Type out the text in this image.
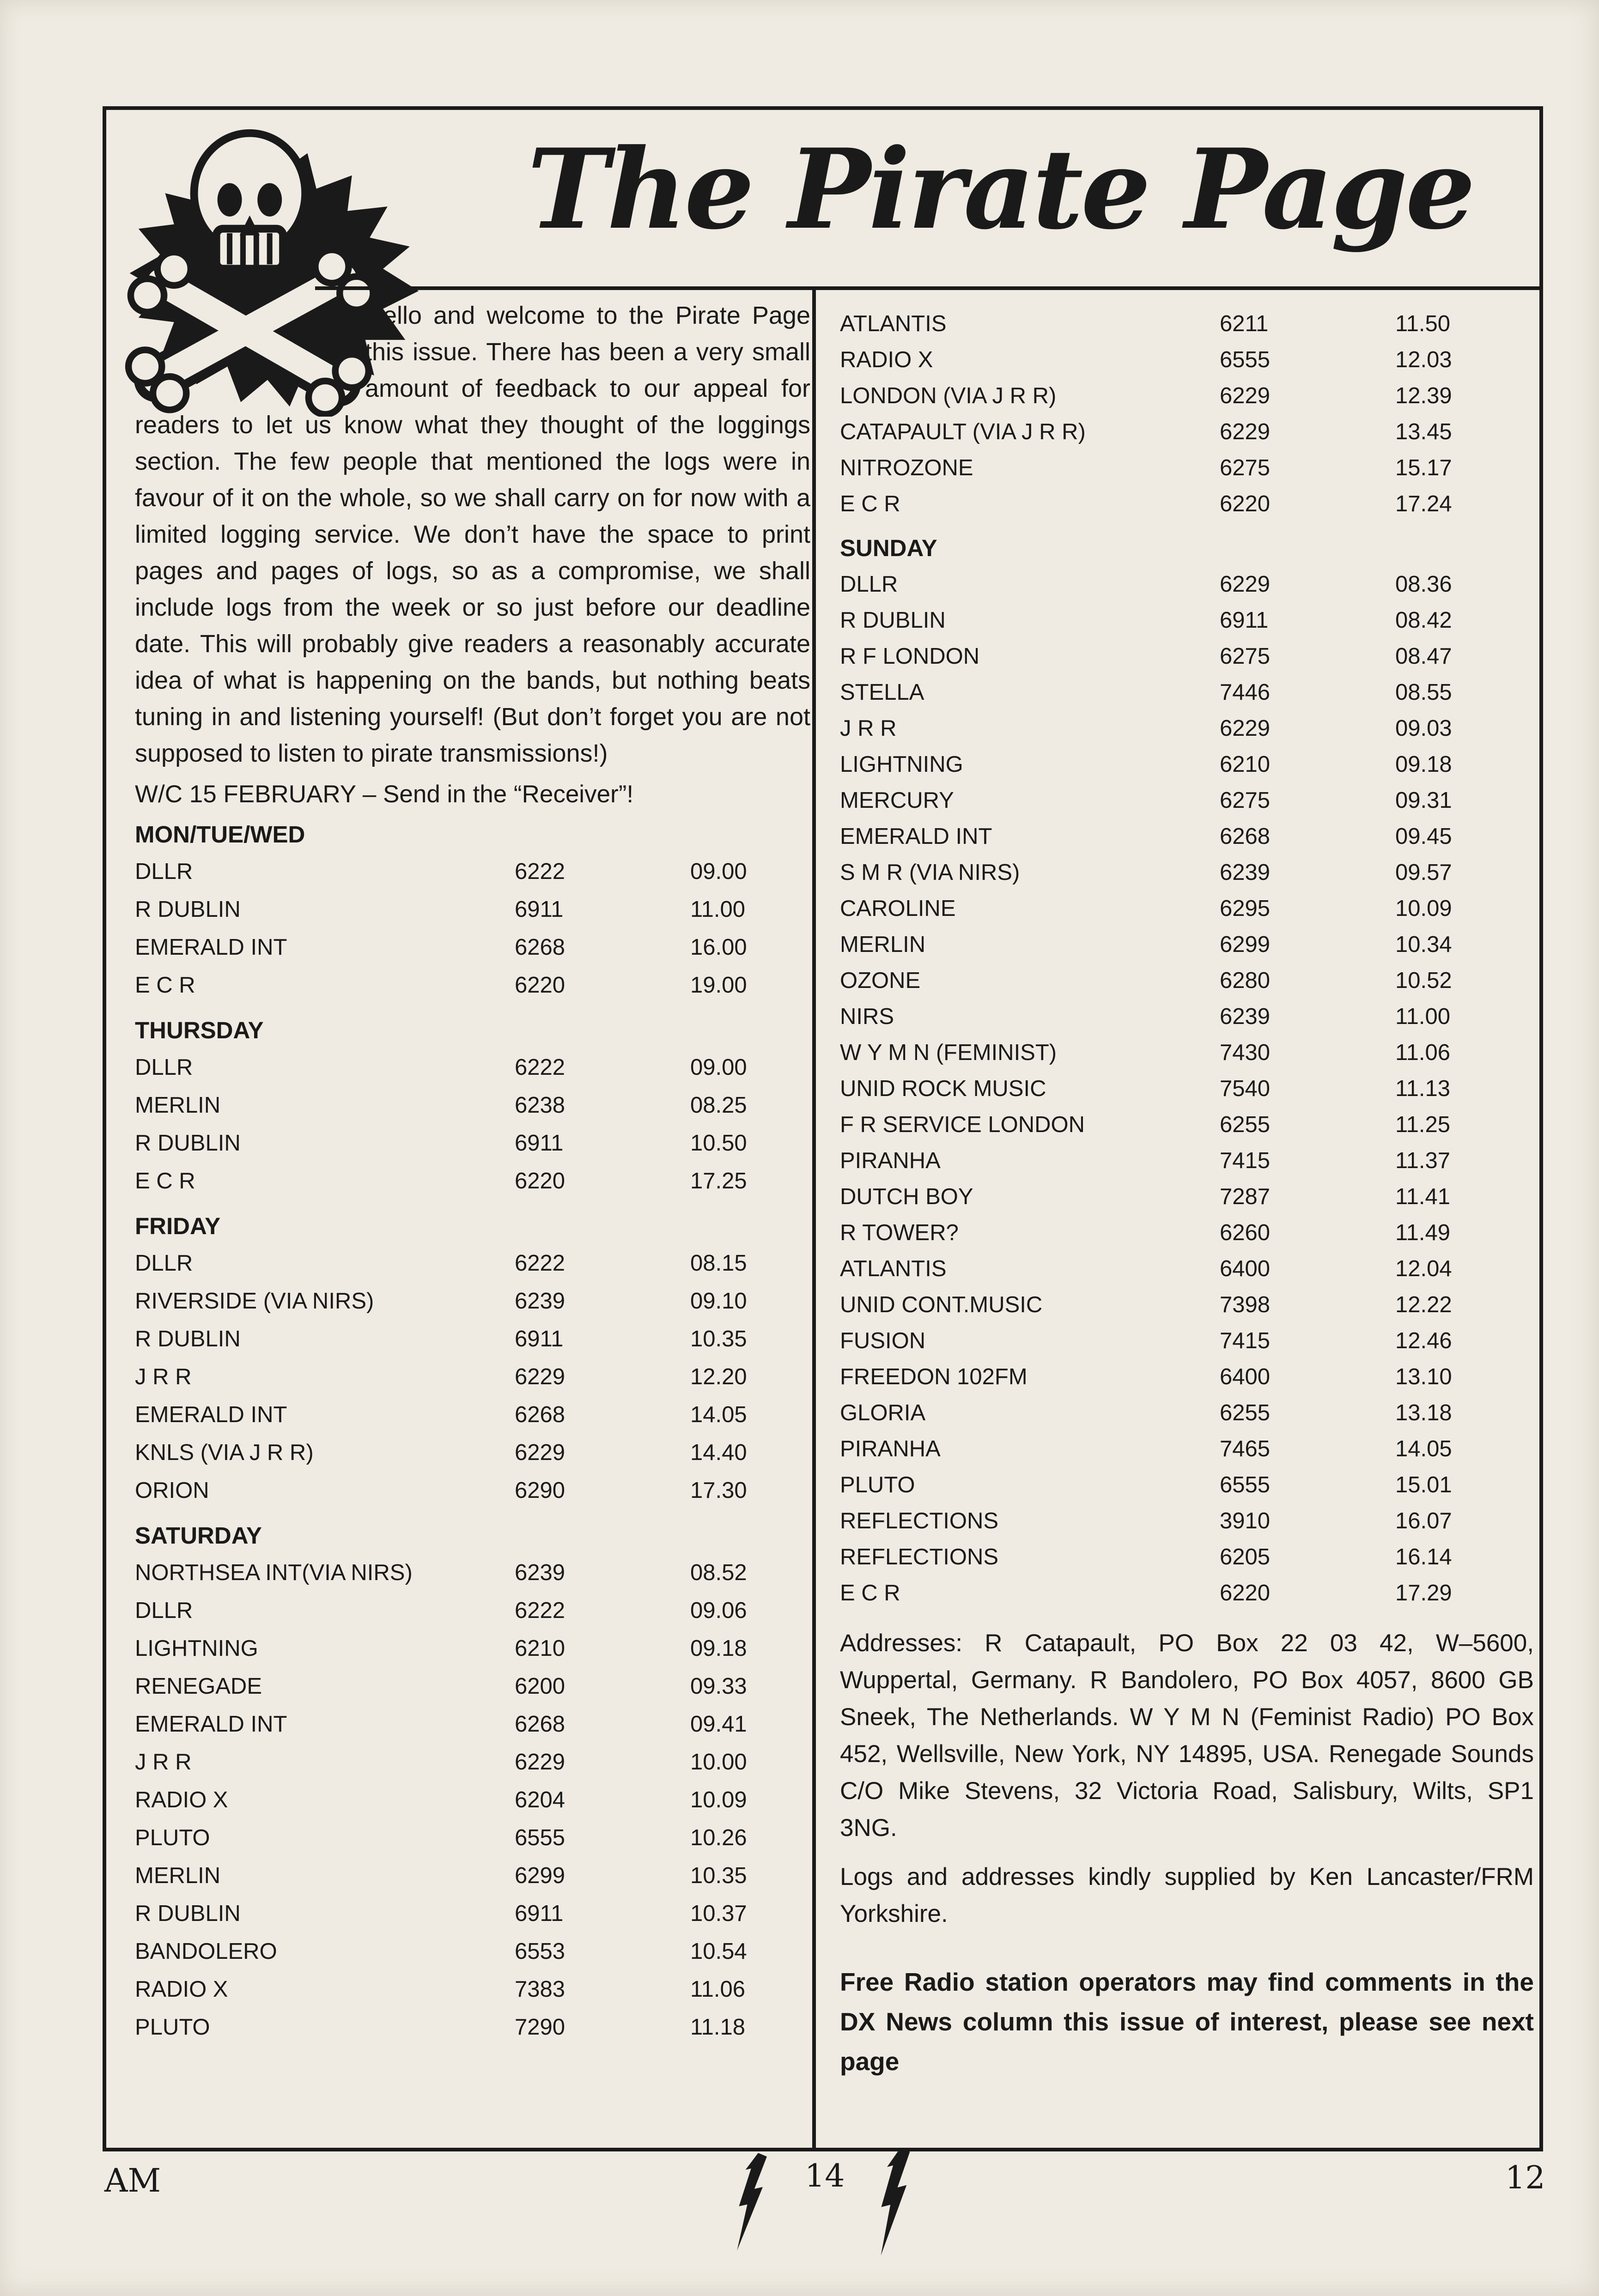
The Pirate Page

Hello and welcome to the Pirate Page this issue. There has been a very small amount of feedback to our appeal for readers to let us know what they thought of the loggings section. The few people that mentioned the logs were in favour of it on the whole, so we shall carry on for now with a limited logging service. We don’t have the space to print pages and pages of logs, so as a compromise, we shall include logs from the week or so just before our deadline date. This will probably give readers a reasonably accurate idea of what is happening on the bands, but nothing beats tuning in and listening yourself! (But don’t forget you are not supposed to listen to pirate transmissions!)

W/C 15 FEBRUARY – Send in the “Receiver”!

MON/TUE/WED
DLLR	6222	09.00
R DUBLIN	6911	11.00
EMERALD INT	6268	16.00
E C R	6220	19.00
THURSDAY
DLLR	6222	09.00
MERLIN	6238	08.25
R DUBLIN	6911	10.50
E C R	6220	17.25
FRIDAY
DLLR	6222	08.15
RIVERSIDE (VIA NIRS)	6239	09.10
R DUBLIN	6911	10.35
J R R	6229	12.20
EMERALD INT	6268	14.05
KNLS (VIA J R R)	6229	14.40
ORION	6290	17.30
SATURDAY
NORTHSEA INT(VIA NIRS)	6239	08.52
DLLR	6222	09.06
LIGHTNING	6210	09.18
RENEGADE	6200	09.33
EMERALD INT	6268	09.41
J R R	6229	10.00
RADIO X	6204	10.09
PLUTO	6555	10.26
MERLIN	6299	10.35
R DUBLIN	6911	10.37
BANDOLERO	6553	10.54
RADIO X	7383	11.06
PLUTO	7290	11.18
ATLANTIS	6211	11.50
RADIO X	6555	12.03
LONDON (VIA J R R)	6229	12.39
CATAPAULT (VIA J R R)	6229	13.45
NITROZONE	6275	15.17
E C R	6220	17.24
SUNDAY
DLLR	6229	08.36
R DUBLIN	6911	08.42
R F LONDON	6275	08.47
STELLA	7446	08.55
J R R	6229	09.03
LIGHTNING	6210	09.18
MERCURY	6275	09.31
EMERALD INT	6268	09.45
S M R (VIA NIRS)	6239	09.57
CAROLINE	6295	10.09
MERLIN	6299	10.34
OZONE	6280	10.52
NIRS	6239	11.00
W Y M N (FEMINIST)	7430	11.06
UNID ROCK MUSIC	7540	11.13
F R SERVICE LONDON	6255	11.25
PIRANHA	7415	11.37
DUTCH BOY	7287	11.41
R TOWER?	6260	11.49
ATLANTIS	6400	12.04
UNID CONT.MUSIC	7398	12.22
FUSION	7415	12.46
FREEDON 102FM	6400	13.10
GLORIA	6255	13.18
PIRANHA	7465	14.05
PLUTO	6555	15.01
REFLECTIONS	3910	16.07
REFLECTIONS	6205	16.14
E C R	6220	17.29

Addresses: R Catapault, PO Box 22 03 42, W–5600, Wuppertal, Germany. R Bandolero, PO Box 4057, 8600 GB Sneek, The Netherlands. W Y M N (Feminist Radio) PO Box 452, Wellsville, New York, NY 14895, USA. Renegade Sounds C/O Mike Stevens, 32 Victoria Road, Salisbury, Wilts, SP1 3NG.

Logs and addresses kindly supplied by Ken Lancaster/FRM Yorkshire.

Free Radio station operators may find comments in the DX News column this issue of interest, please see next page

AM	14	12
